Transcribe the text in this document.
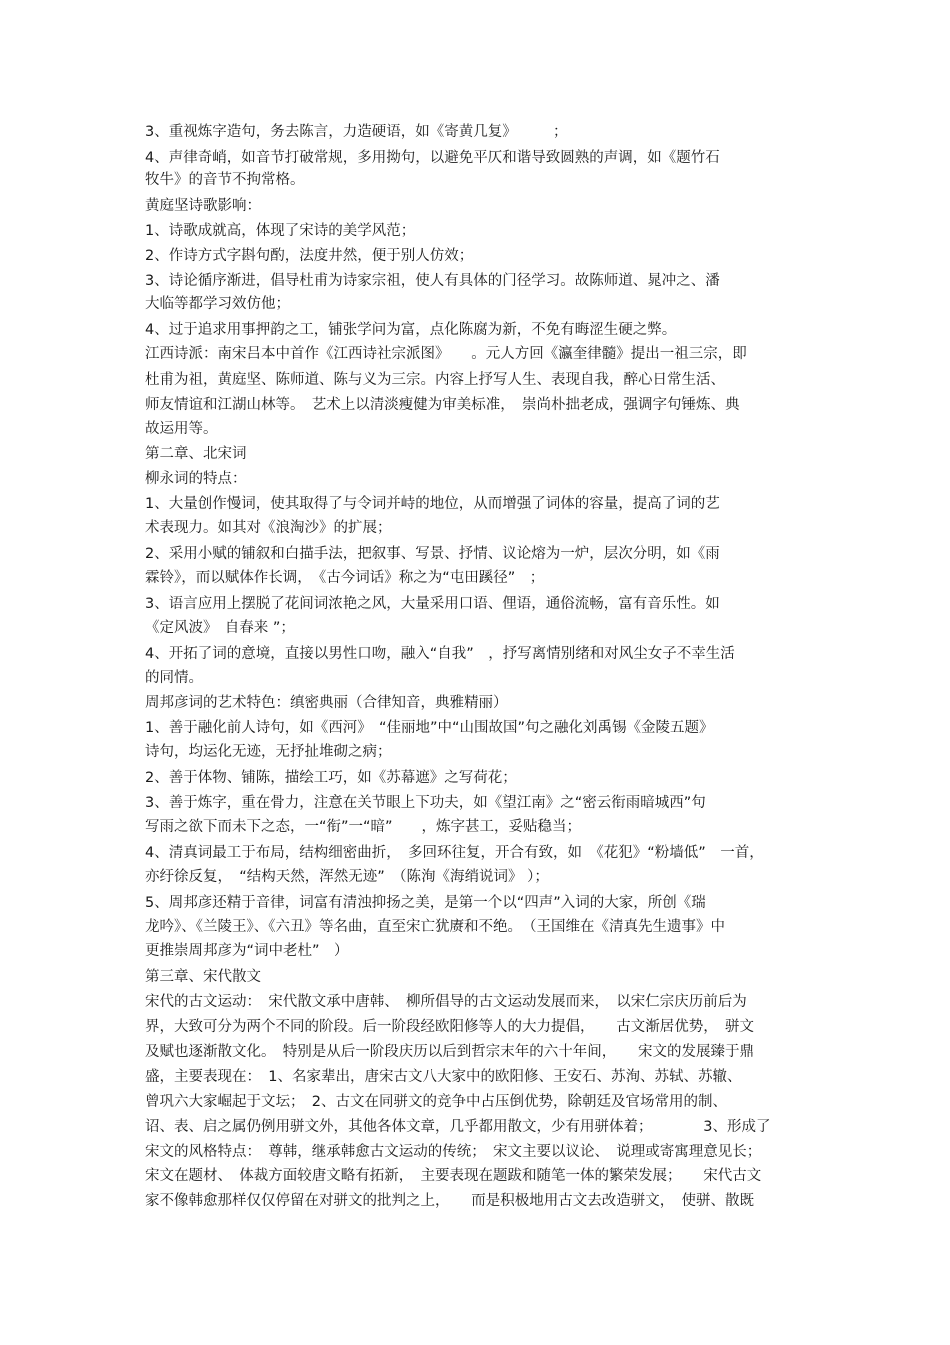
3、重视炼字造句，务去陈言，力造硬语，如《寄黄几复》　　　；

4、声律奇峭，如音节打破常规，多用拗句，以避免平仄和谐导致圆熟的声调，如《题竹石

牧牛》的音节不拘常格。

黄庭坚诗歌影响：

1、诗歌成就高，体现了宋诗的美学风范；

2、作诗方式字斟句酌，法度井然，便于别人仿效；

3、诗论循序渐进，倡导杜甫为诗家宗祖，使人有具体的门径学习。故陈师道、晁冲之、潘

大临等都学习效仿他；

4、过于追求用事押韵之工，铺张学问为富，点化陈腐为新，不免有晦涩生硬之弊。

江西诗派：南宋吕本中首作《江西诗社宗派图》　　。元人方回《瀛奎律髓》提出一祖三宗，即

杜甫为祖，黄庭坚、陈师道、陈与义为三宗。内容上抒写人生、表现自我，醉心日常生活、

师友情谊和江湖山林等。　艺术上以清淡瘦健为审美标准，　崇尚朴拙老成，强调字句锤炼、典

故运用等。

第二章、北宋词

柳永词的特点：

1、大量创作慢词，使其取得了与令词并峙的地位，从而增强了词体的容量，提高了词的艺

术表现力。如其对《浪淘沙》的扩展；

2、采用小赋的铺叙和白描手法，把叙事、写景、抒情、议论熔为一炉，层次分明，如《雨

霖铃》，而以赋体作长调，　《古今词话》称之为“屯田蹊径”　；

3、语言应用上摆脱了花间词浓艳之风，大量采用口语、俚语，通俗流畅，富有音乐性。如

《定风波》　自春来 ”；

4、开拓了词的意境，直接以男性口吻，融入“自我”　，抒写离情别绪和对风尘女子不幸生活

的同情。

周邦彦词的艺术特色：缜密典丽（合律知音，典雅精丽）

1、善于融化前人诗句，如《西河》　“佳丽地”中“山围故国”句之融化刘禹锡《金陵五题》

诗句，均运化无迹，无抒扯堆砌之病；

2、善于体物、铺陈，描绘工巧，如《苏幕遮》之写荷花；

3、善于炼字，重在骨力，注意在关节眼上下功夫，如《望江南》之“密云衔雨暗城西”句

写雨之欲下而未下之态，一“衔”一“暗”　　，炼字甚工，妥贴稳当；

4、清真词最工于布局，结构细密曲折，　多回环往复，开合有致，如　《花犯》“粉墙低”　一首，

亦纡徐反复，　“结构天然，浑然无迹”　（陈洵《海绡说词》 ）；

5、周邦彦还精于音律，词富有清浊抑扬之美，是第一个以“四声”入词的大家，所创《瑞

龙吟》、《兰陵王》、《六丑》等名曲，直至宋亡犹赓和不绝。　（王国维在《清真先生遗事》中

更推崇周邦彦为“词中老杜”　）

第三章、宋代散文

宋代的古文运动：　宋代散文承中唐韩、　柳所倡导的古文运动发展而来，　以宋仁宗庆历前后为

界，大致可分为两个不同的阶段。后一阶段经欧阳修等人的大力提倡，　　古文渐居优势，　骈文

及赋也逐渐散文化。　特别是从后一阶段庆历以后到哲宗末年的六十年间，　　宋文的发展臻于鼎

盛，主要表现在：　1、名家辈出，唐宋古文八大家中的欧阳修、王安石、苏洵、苏轼、苏辙、

曾巩六大家崛起于文坛；　2、古文在同骈文的竞争中占压倒优势，除朝廷及官场常用的制、

诏、表、启之属仍例用骈文外，其他各体文章，几乎都用散文，少有用骈体着；　　　　3、形成了

宋文的风格特点：　尊韩，继承韩愈古文运动的传统；　宋文主要以议论、　说理或寄寓理意见长；

宋文在题材、　体裁方面较唐文略有拓新，　主要表现在题跋和随笔一体的繁荣发展；　　宋代古文

家不像韩愈那样仅仅停留在对骈文的批判之上，　　而是积极地用古文去改造骈文，　使骈、散既
